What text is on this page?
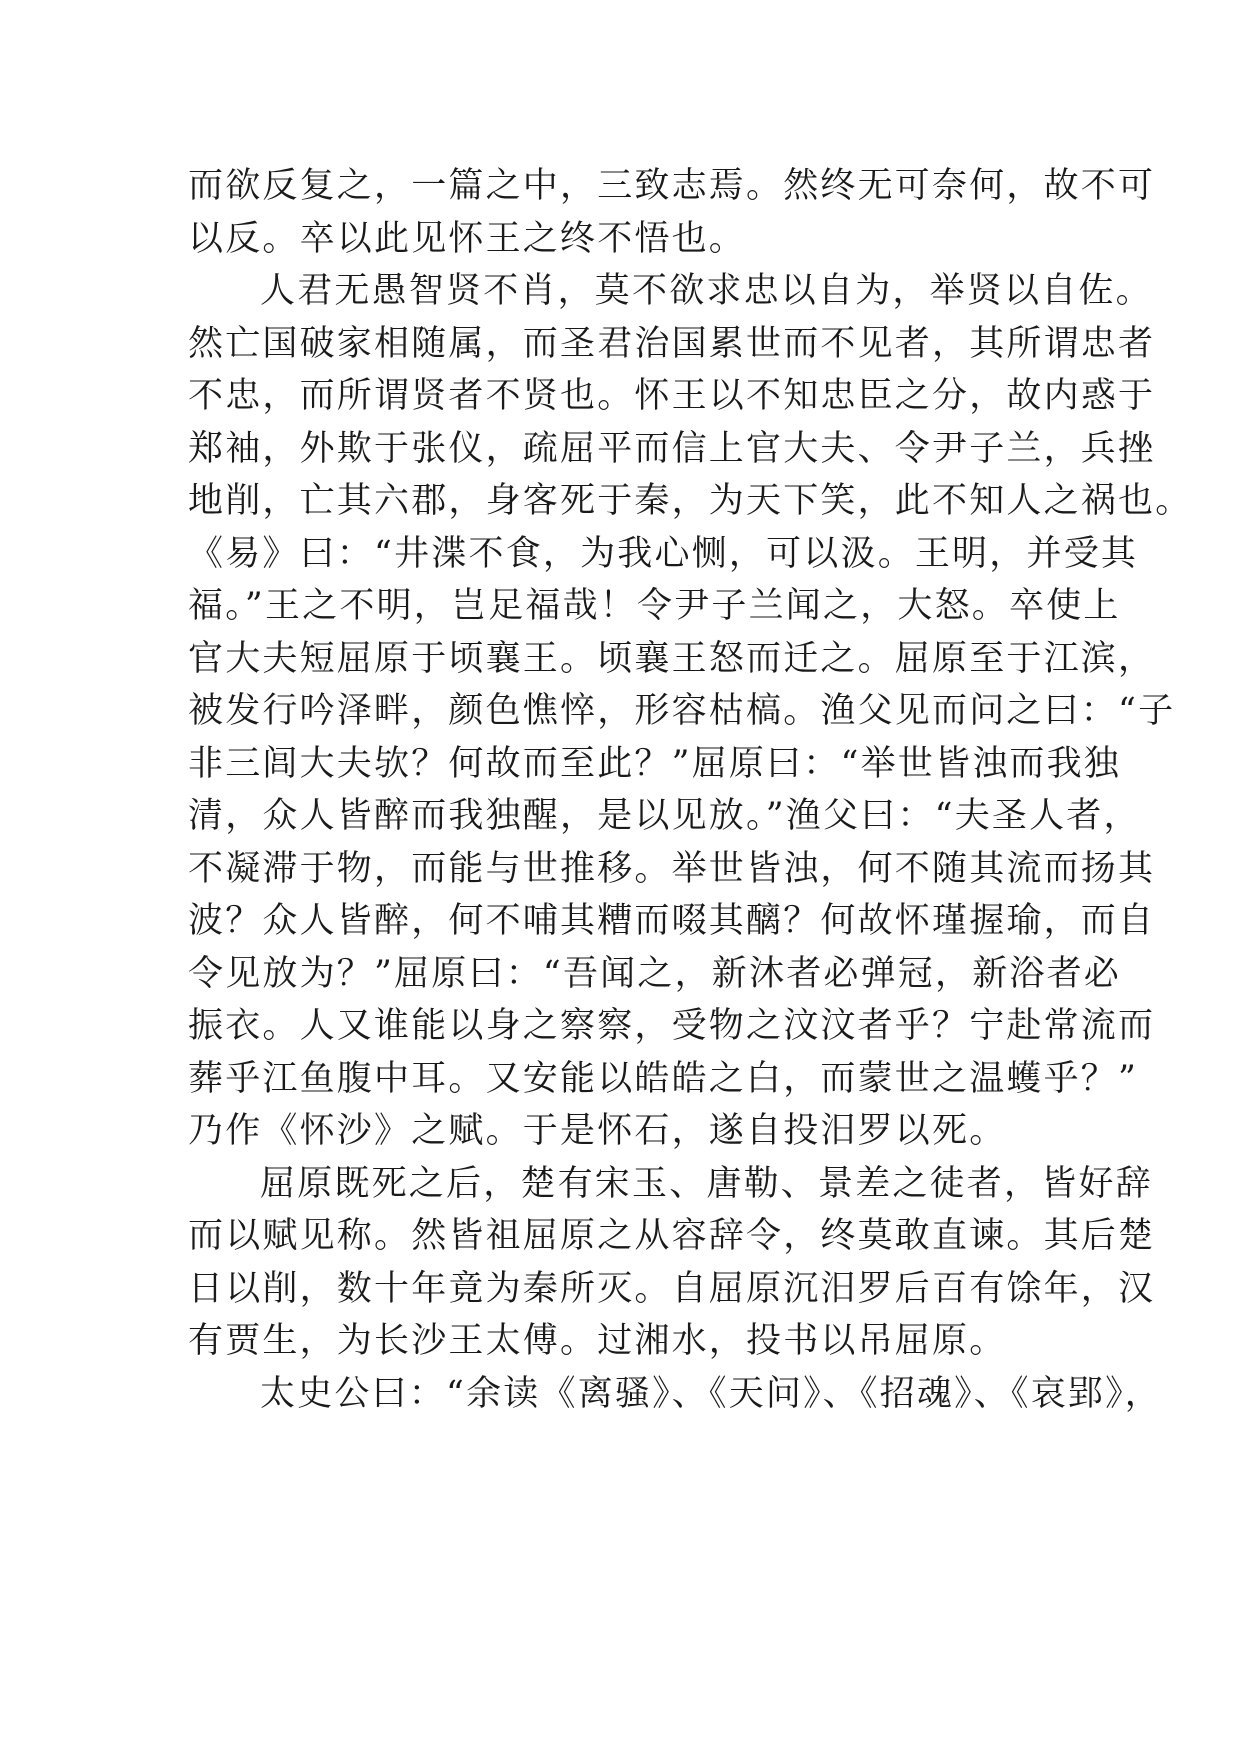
而欲反复之，一篇之中，三致志焉。然终无可奈何，故不可
以反。卒以此见怀王之终不悟也。
人君无愚智贤不肖，莫不欲求忠以自为，举贤以自佐。
然亡国破家相随属，而圣君治国累世而不见者，其所谓忠者
不忠，而所谓贤者不贤也。怀王以不知忠臣之分，故内惑于
郑袖，外欺于张仪，疏屈平而信上官大夫、令尹子兰，兵挫
地削，亡其六郡，身客死于秦，为天下笑，此不知人之祸也。
《易》曰：“井渫不食，为我心恻，可以汲。王明，并受其
福。”王之不明，岂足福哉！令尹子兰闻之，大怒。卒使上
官大夫短屈原于顷襄王。顷襄王怒而迁之。屈原至于江滨，
被发行吟泽畔，颜色憔悴，形容枯槁。渔父见而问之曰：“子
非三闾大夫欤？何故而至此？”屈原曰：“举世皆浊而我独
清，众人皆醉而我独醒，是以见放。”渔父曰：“夫圣人者，
不凝滞于物，而能与世推移。举世皆浊，何不随其流而扬其
波？众人皆醉，何不哺其糟而啜其醨？何故怀瑾握瑜，而自
令见放为？”屈原曰：“吾闻之，新沐者必弹冠，新浴者必
振衣。人又谁能以身之察察，受物之汶汶者乎？宁赴常流而
葬乎江鱼腹中耳。又安能以皓皓之白，而蒙世之温蠖乎？”
乃作《怀沙》之赋。于是怀石，遂自投汨罗以死。
屈原既死之后，楚有宋玉、唐勒、景差之徒者，皆好辞
而以赋见称。然皆祖屈原之从容辞令，终莫敢直谏。其后楚
日以削，数十年竟为秦所灭。自屈原沉汨罗后百有馀年，汉
有贾生，为长沙王太傅。过湘水，投书以吊屈原。
太史公曰：“余读《离骚》、《天问》、《招魂》、《哀郢》，
